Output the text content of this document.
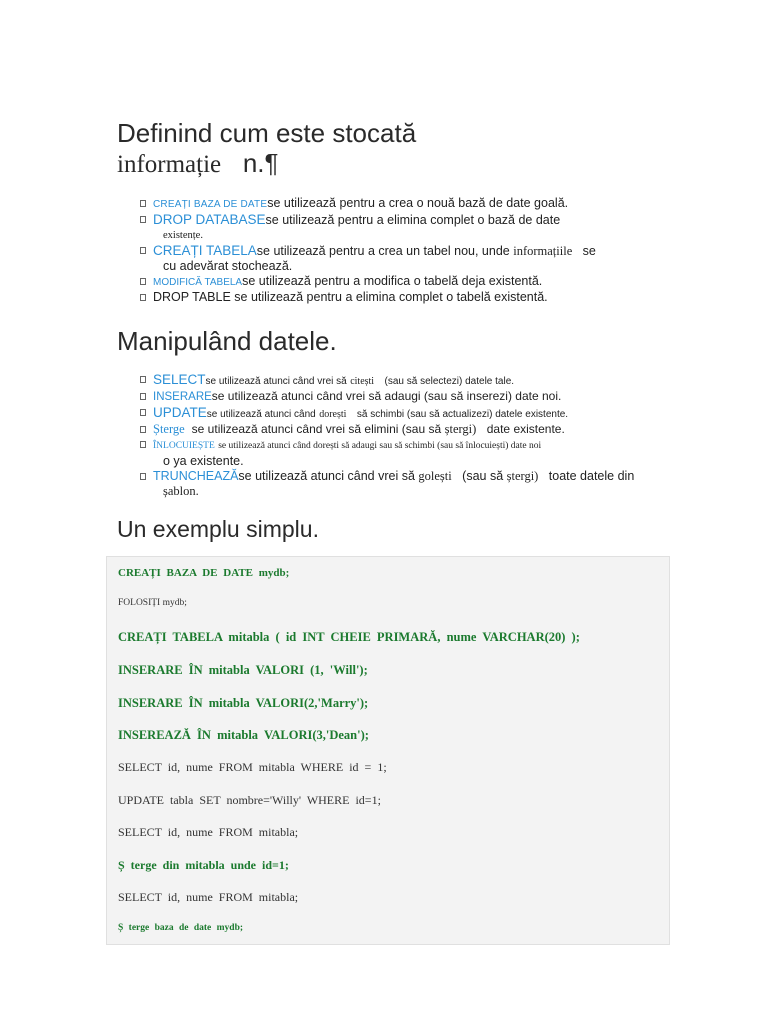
Definind cum este stocată
informație n.¶
CREAȚI BAZA DE DATEse utilizează pentru a crea o nouă bază de date goală.
DROP DATABASEse utilizează pentru a elimina complet o bază de date
existențe.
CREAȚI TABELAse utilizează pentru a crea un tabel nou, unde informațiile se
cu adevărat stochează.
MODIFICĂ TABELAse utilizează pentru a modifica o tabelă deja existentă.
DROP TABLE se utilizează pentru a elimina complet o tabelă existentă.
Manipulând datele.
SELECTse utilizează atunci când vrei să citești (sau să selectezi) datele tale.
INSERAREse utilizează atunci când vrei să adaugi (sau să inserezi) date noi.
UPDATEse utilizează atunci când dorești să schimbi (sau să actualizezi) datele existente.
Șterge se utilizează atunci când vrei să elimini (sau să ștergi) date existente.
ÎNLOCUIEȘTE se utilizează atunci când dorești să adaugi sau să schimbi (sau să înlocuiești) date noi
o ya existente.
TRUNCHEAZĂse utilizează atunci când vrei să golești (sau să ștergi) toate datele din
șablon.
Un exemplu simplu.
CREAȚI BAZA DE DATE mydb;
FOLOSIȚI mydb;
CREAȚI TABELA mitabla ( id INT CHEIE PRIMARĂ, nume VARCHAR(20) );
INSERARE ÎN mitabla VALORI (1, 'Will');
INSERARE ÎN mitabla VALORI(2,'Marry');
INSEREAZĂ ÎN mitabla VALORI(3,'Dean');
SELECT id, nume FROM mitabla WHERE id = 1;
UPDATE tabla SET nombre='Willy' WHERE id=1;
SELECT id, nume FROM mitabla;
Ș terge din mitabla unde id=1;
SELECT id, nume FROM mitabla;
Ș terge baza de date mydb;
